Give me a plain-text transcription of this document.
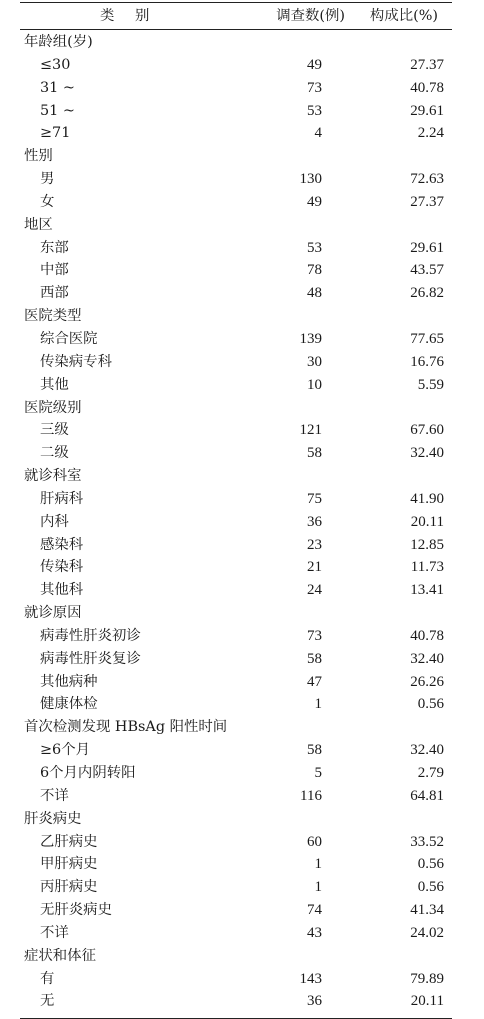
类 别	调查数(例) 构成比(%)
年龄组(岁)
≤30	49	27.37
31 ~	73	40.78
51 ~	53	29.61
≥71	4	2.24
性别
男	130	72.63
女	49	27.37
地区
东部	53	29.61
中部	78	43.57
西部	48	26.82
医院类型
综合医院	139	77.65
传染病专科	30	16.76
其他	10	5.59
医院级别
三级	121	67.60
二级	58	32.40
就诊科室
肝病科	75	41.90
内科	36	20.11
感染科	23	12.85
传染科	21	11.73
其他科	24	13.41
就诊原因
病毒性肝炎初诊	73	40.78
病毒性肝炎复诊	58	32.40
其他病种	47	26.26
健康体检	1	0.56
首次检测发现 HBsAg 阳性时间
≥6个月	58	32.40
6个月内阴转阳	5	2.79
不详	116	64.81
肝炎病史
乙肝病史	60	33.52
甲肝病史	1	0.56
丙肝病史	1	0.56
无肝炎病史	74	41.34
不详	43	24.02
症状和体征
有	143	79.89
无	36	20.11
